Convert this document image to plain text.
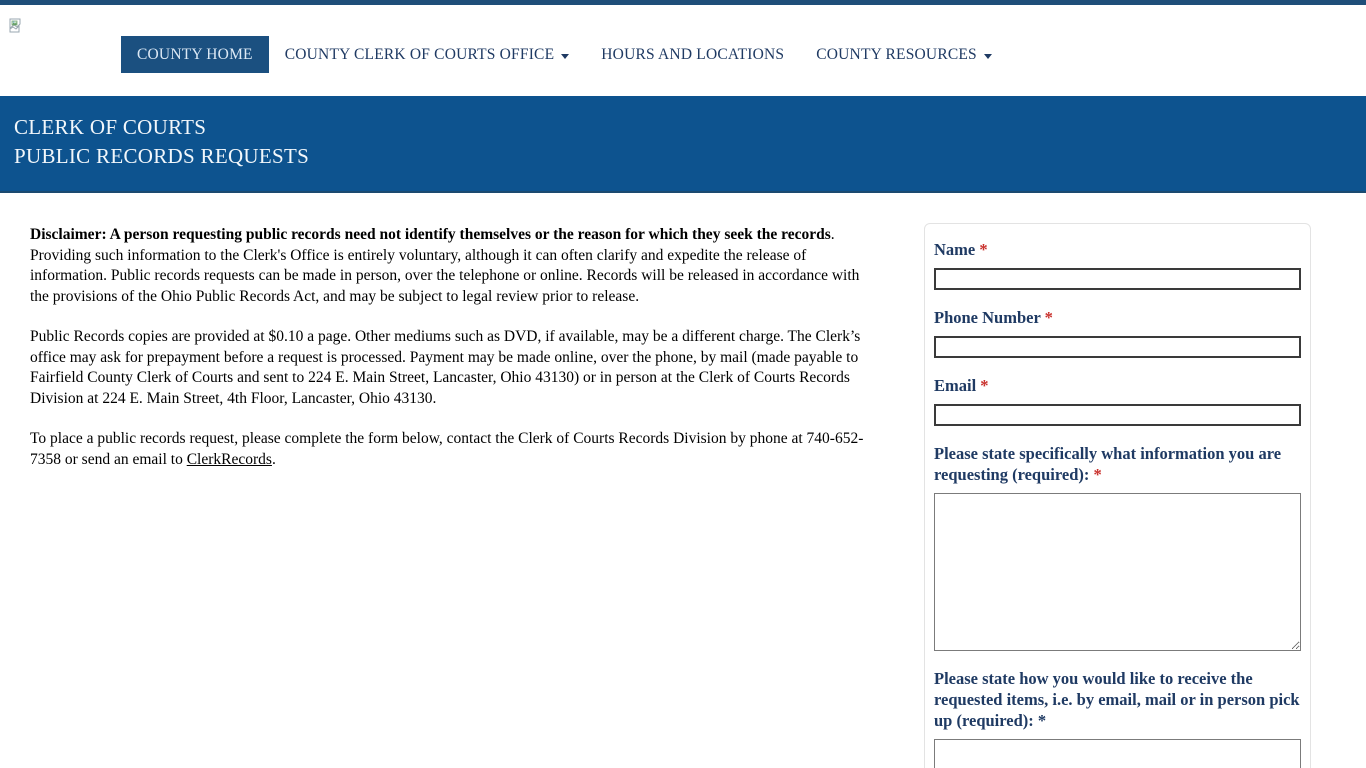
COUNTY HOME	COUNTY CLERK OF COURTS OFFICE	HOURS AND LOCATIONS	COUNTY RESOURCES
CLERK OF COURTS
PUBLIC RECORDS REQUESTS

Disclaimer: A person requesting public records need not identify themselves or the reason for which they seek the records. Providing such information to the Clerk's Office is entirely voluntary, although it can often clarify and expedite the release of information. Public records requests can be made in person, over the telephone or online. Records will be released in accordance with the provisions of the Ohio Public Records Act, and may be subject to legal review prior to release.

Public Records copies are provided at $0.10 a page. Other mediums such as DVD, if available, may be a different charge. The Clerk’s office may ask for prepayment before a request is processed. Payment may be made online, over the phone, by mail (made payable to Fairfield County Clerk of Courts and sent to 224 E. Main Street, Lancaster, Ohio 43130) or in person at the Clerk of Courts Records Division at 224 E. Main Street, 4th Floor, Lancaster, Ohio 43130.

To place a public records request, please complete the form below, contact the Clerk of Courts Records Division by phone at 740-652-7358 or send an email to ClerkRecords.

Name *
Phone Number *
Email *
Please state specifically what information you are requesting (required): *
Please state how you would like to receive the requested items, i.e. by email, mail or in person pick up (required): *
